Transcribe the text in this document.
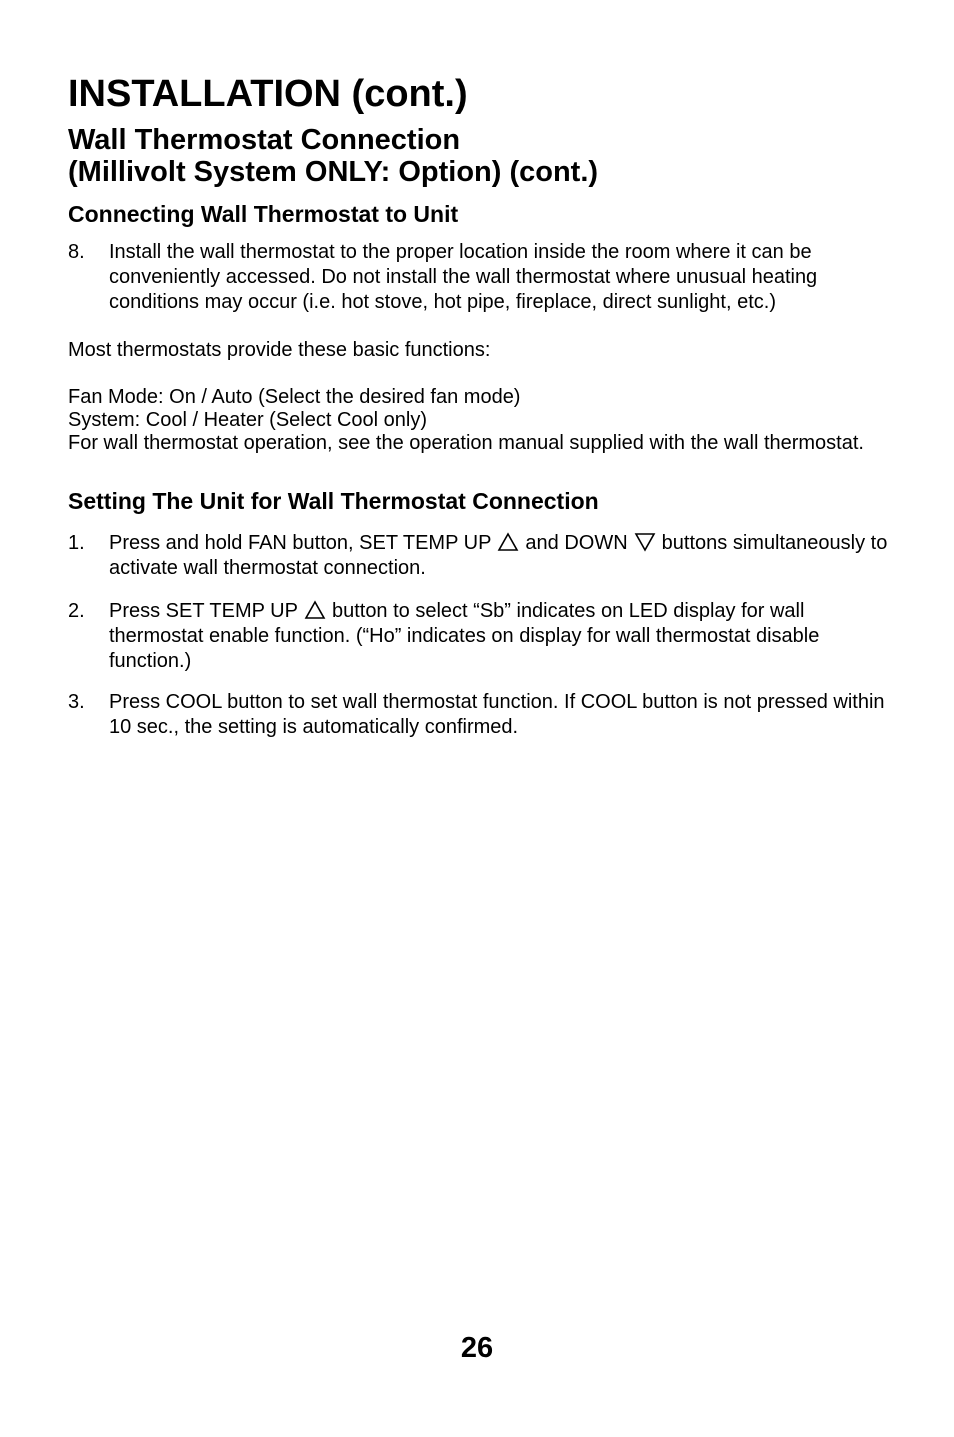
INSTALLATION (cont.)
Wall Thermostat Connection
(Millivolt System ONLY: Option) (cont.)
Connecting Wall Thermostat to Unit
8.	Install the wall thermostat to the proper location inside the room where it can be conveniently accessed. Do not install the wall thermostat where unusual heating conditions may occur (i.e. hot stove, hot pipe, fireplace, direct sunlight, etc.)

Most thermostats provide these basic functions:

Fan Mode: On / Auto (Select the desired fan mode)

System: Cool / Heater (Select Cool only)

For wall thermostat operation, see the operation manual supplied with the wall thermostat.

Setting The Unit for Wall Thermostat Connection
1.	Press and hold FAN button, SET TEMP UP and DOWN buttons simultaneously to activate wall thermostat connection.
2.	Press SET TEMP UP button to select “Sb” indicates on LED display for wall thermostat enable function. (“Ho” indicates on display for wall thermostat disable function.)
3.	Press COOL button to set wall thermostat function. If COOL button is not pressed within 10 sec., the setting is automatically confirmed.
26
